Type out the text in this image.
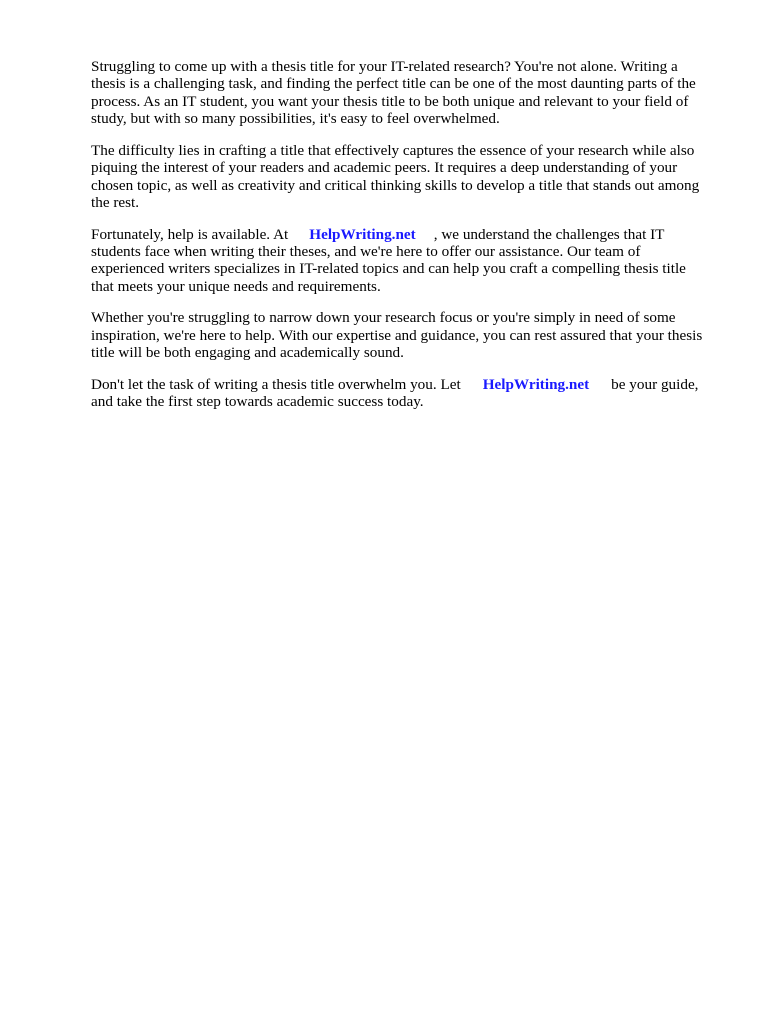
Struggling to come up with a thesis title for your IT-related research? You're not alone. Writing a
thesis is a challenging task, and finding the perfect title can be one of the most daunting parts of the
process. As an IT student, you want your thesis title to be both unique and relevant to your field of
study, but with so many possibilities, it's easy to feel overwhelmed.

The difficulty lies in crafting a title that effectively captures the essence of your research while also
piquing the interest of your readers and academic peers. It requires a deep understanding of your
chosen topic, as well as creativity and critical thinking skills to develop a title that stands out among
the rest.

Fortunately, help is available. At HelpWriting.net , we understand the challenges that IT
students face when writing their theses, and we're here to offer our assistance. Our team of
experienced writers specializes in IT-related topics and can help you craft a compelling thesis title
that meets your unique needs and requirements.

Whether you're struggling to narrow down your research focus or you're simply in need of some
inspiration, we're here to help. With our expertise and guidance, you can rest assured that your thesis
title will be both engaging and academically sound.

Don't let the task of writing a thesis title overwhelm you. Let HelpWriting.net be your guide,
and take the first step towards academic success today.
